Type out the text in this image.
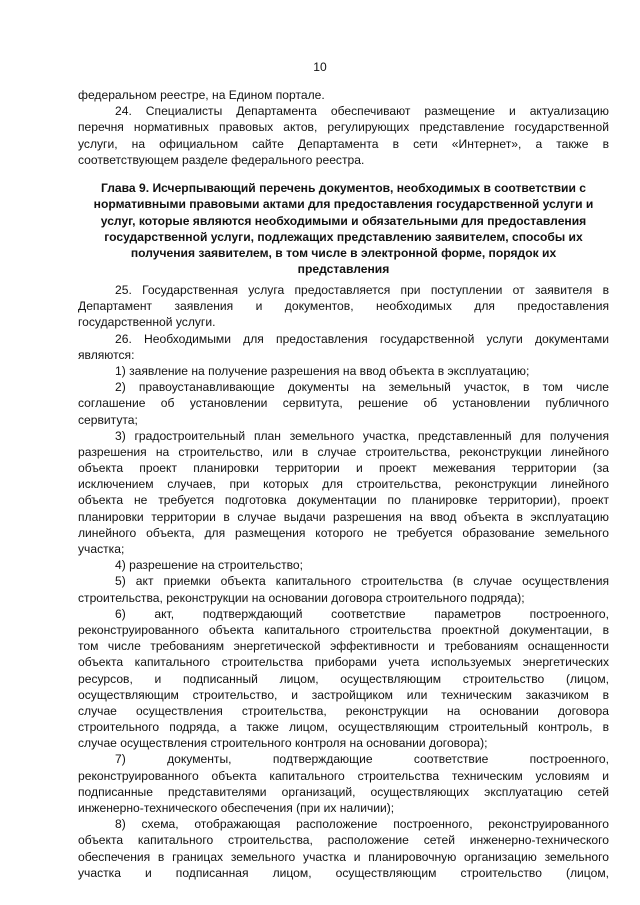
10
федеральном реестре, на Едином портале.
24. Специалисты Департамента обеспечивают размещение и актуализацию
перечня нормативных правовых актов, регулирующих представление государственной
услуги, на официальном сайте Департамента в сети «Интернет», а также в
соответствующем разделе федерального реестра.
Глава 9. Исчерпывающий перечень документов, необходимых в соответствии с
нормативными правовыми актами для предоставления государственной услуги и
услуг, которые являются необходимыми и обязательными для предоставления
государственной услуги, подлежащих представлению заявителем, способы их
получения заявителем, в том числе в электронной форме, порядок их
представления
25. Государственная услуга предоставляется при поступлении от заявителя в
Департамент заявления и документов, необходимых для предоставления
государственной услуги.
26. Необходимыми для предоставления государственной услуги документами
являются:
1) заявление на получение разрешения на ввод объекта в эксплуатацию;
2) правоустанавливающие документы на земельный участок, в том числе
соглашение об установлении сервитута, решение об установлении публичного
сервитута;
3) градостроительный план земельного участка, представленный для получения
разрешения на строительство, или в случае строительства, реконструкции линейного
объекта проект планировки территории и проект межевания территории (за
исключением случаев, при которых для строительства, реконструкции линейного
объекта не требуется подготовка документации по планировке территории), проект
планировки территории в случае выдачи разрешения на ввод объекта в эксплуатацию
линейного объекта, для размещения которого не требуется образование земельного
участка;
4) разрешение на строительство;
5) акт приемки объекта капитального строительства (в случае осуществления
строительства, реконструкции на основании договора строительного подряда);
6) акт, подтверждающий соответствие параметров построенного,
реконструированного объекта капитального строительства проектной документации, в
том числе требованиям энергетической эффективности и требованиям оснащенности
объекта капитального строительства приборами учета используемых энергетических
ресурсов, и подписанный лицом, осуществляющим строительство (лицом,
осуществляющим строительство, и застройщиком или техническим заказчиком в
случае осуществления строительства, реконструкции на основании договора
строительного подряда, а также лицом, осуществляющим строительный контроль, в
случае осуществления строительного контроля на основании договора);
7) документы, подтверждающие соответствие построенного,
реконструированного объекта капитального строительства техническим условиям и
подписанные представителями организаций, осуществляющих эксплуатацию сетей
инженерно-технического обеспечения (при их наличии);
8) схема, отображающая расположение построенного, реконструированного
объекта капитального строительства, расположение сетей инженерно-технического
обеспечения в границах земельного участка и планировочную организацию земельного
участка и подписанная лицом, осуществляющим строительство (лицом,
